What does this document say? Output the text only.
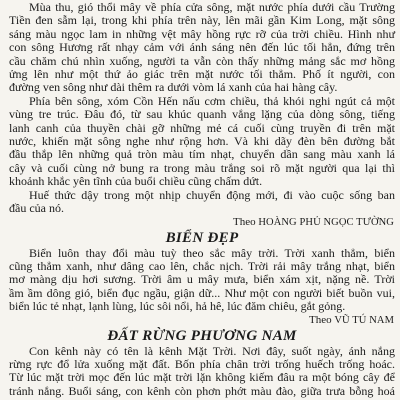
Mùa thu, gió thổi mây về phía cửa sông, mặt nước phía dưới cầu Trường
Tiền đen sẫm lại, trong khi phía trên này, lên mãi gần Kim Long, mặt sông
sáng màu ngọc lam in những vệt mây hồng rực rỡ của trời chiều. Hình như
con sông Hương rất nhạy cảm với ánh sáng nên đến lúc tối hẳn, đứng trên
cầu chăm chú nhìn xuống, người ta vẫn còn thấy những mảng sắc mơ hồng
ửng lên như một thứ ảo giác trên mặt nước tối thẳm. Phố ít người, con
đường ven sông như dài thêm ra dưới vòm lá xanh của hai hàng cây.
Phía bên sông, xóm Cồn Hến nấu cơm chiều, thả khói nghi ngút cả một
vùng tre trúc. Đâu đó, từ sau khúc quanh vắng lặng của dòng sông, tiếng
lanh canh của thuyền chài gỡ những mẻ cá cuối cùng truyền đi trên mặt
nước, khiến mặt sông nghe như rộng hơn. Và khi dãy đèn bên đường bắt
đầu thắp lên những quả tròn màu tím nhạt, chuyển dần sang màu xanh lá
cây và cuối cùng nở bung ra trong màu trắng soi rõ mặt người qua lại thì
khoảnh khắc yên tĩnh của buổi chiều cũng chấm dứt.
Huế thức dậy trong một nhịp chuyển động mới, đi vào cuộc sống ban
đầu của nó.
Theo HOÀNG PHỦ NGỌC TƯỜNG
BIỂN ĐẸP
Biển luôn thay đổi màu tuỳ theo sắc mây trời. Trời xanh thẳm, biển
cũng thẳm xanh, như dâng cao lên, chắc nịch. Trời rải mây trắng nhạt, biển
mơ màng dịu hơi sương. Trời âm u mây mưa, biển xám xịt, nặng nề. Trời
ầm ầm dông gió, biển đục ngầu, giận dữ... Như một con người biết buồn vui,
biển lúc tẻ nhạt, lạnh lùng, lúc sôi nổi, hả hê, lúc đăm chiêu, gắt gỏng.
Theo VŨ TÚ NAM
ĐẤT RỪNG PHƯƠNG NAM
Con kênh này có tên là kênh Mặt Trời. Nơi đây, suốt ngày, ánh nắng
rừng rực đổ lửa xuống mặt đất. Bốn phía chân trời trống huếch trống hoác.
Từ lúc mặt trời mọc đến lúc mặt trời lặn không kiếm đâu ra một bóng cây để
tránh nắng. Buổi sáng, con kênh còn phơn phớt màu đào, giữa trưa bỗng hoá
